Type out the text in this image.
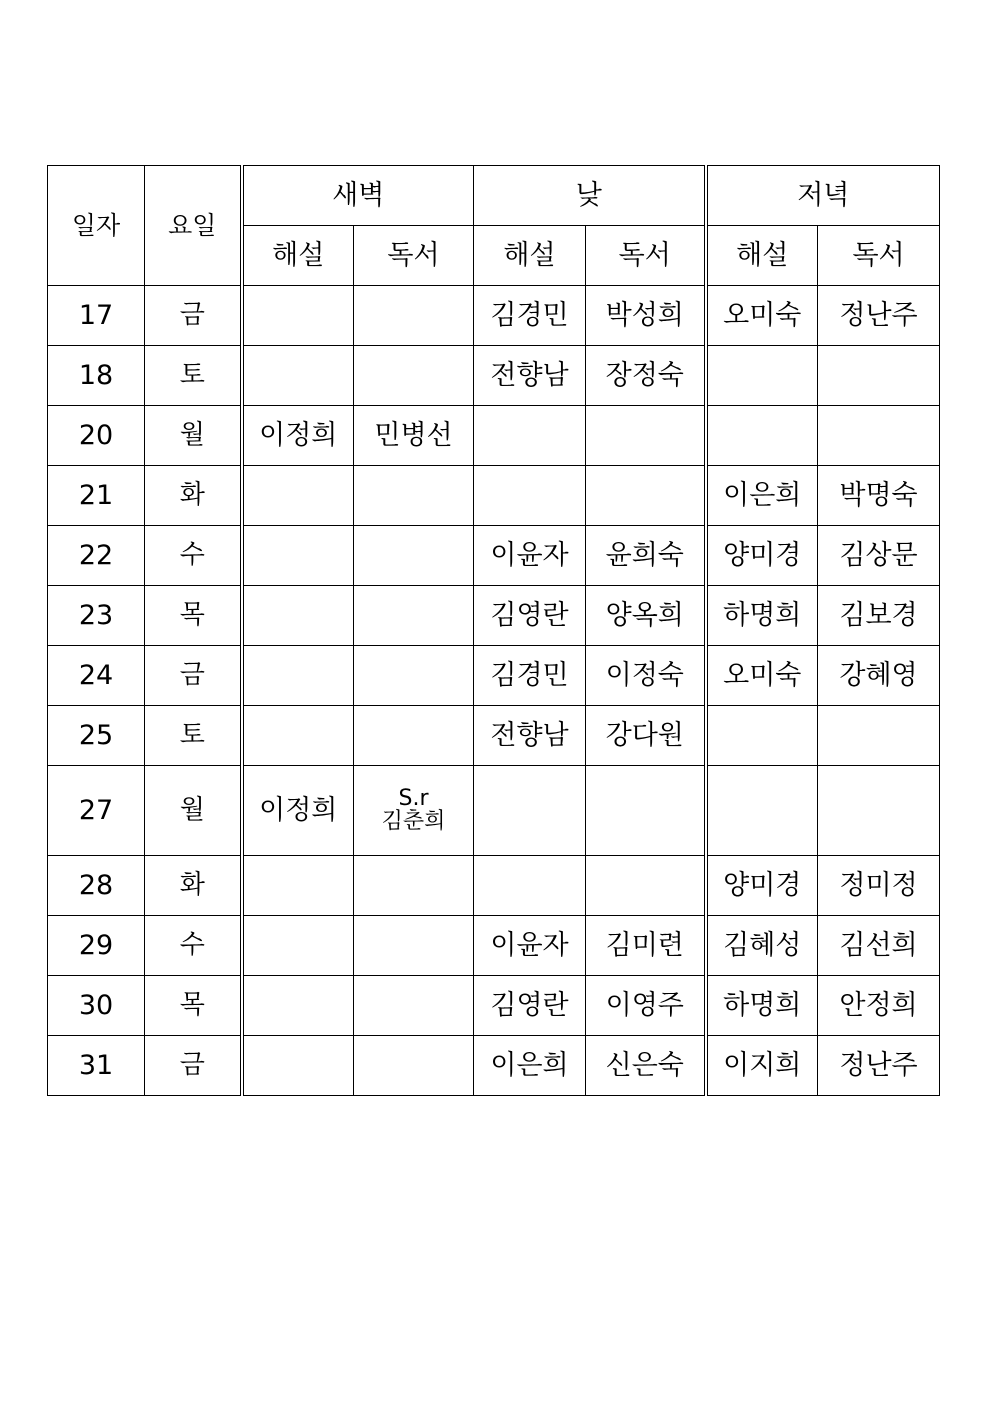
일자	요일	새벽		낮		저녁	
		해설	독서	해설	독서	해설	독서
17	금			김경민	박성희	오미숙	정난주
18	토			전향남	장정숙		
20	월	이정희	민병선				
21	화					이은희	박명숙
22	수			이윤자	윤희숙	양미경	김상문
23	목			김영란	양옥희	하명희	김보경
24	금			김경민	이정숙	오미숙	강혜영
25	토			전향남	강다원		
27	월	이정희	S.r
김춘희				

28	화					양미경	정미정
29	수			이윤자	김미련	김혜성	김선희
30	목			김영란	이영주	하명희	안정희
31	금			이은희	신은숙	이지희	정난주
